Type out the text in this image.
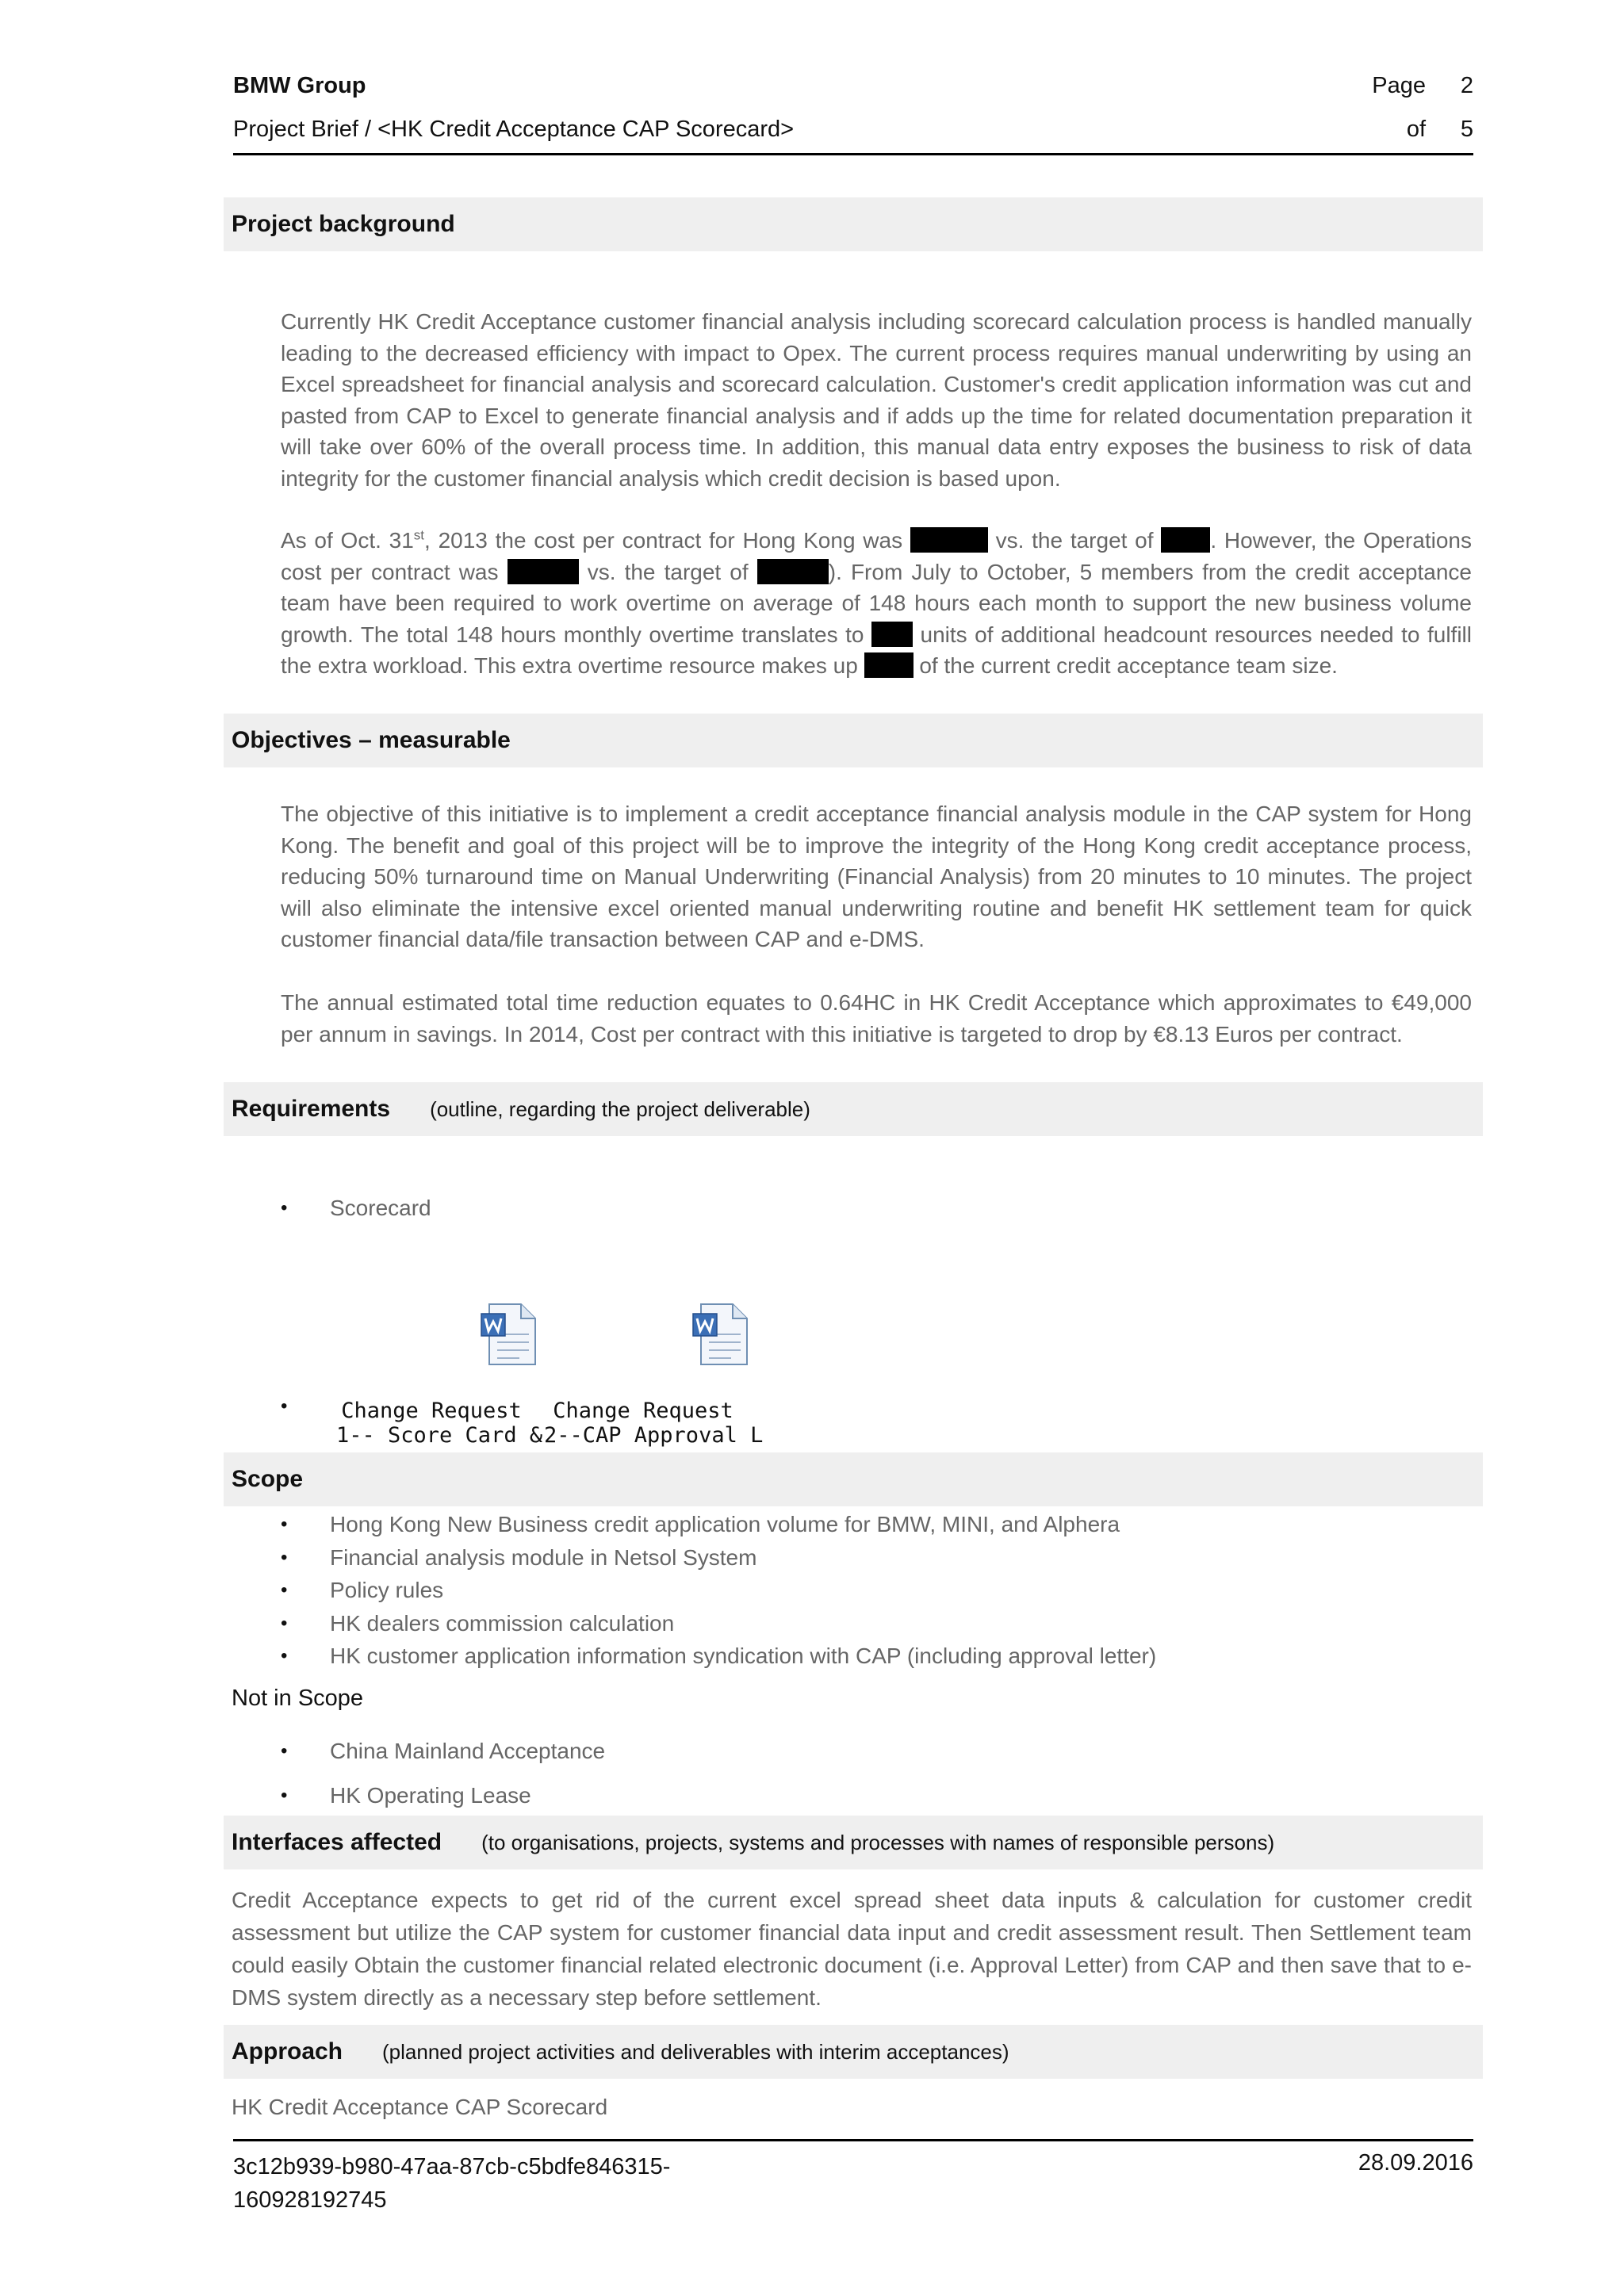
BMW Group	Page 2
Project Brief / <HK Credit Acceptance CAP Scorecard>	of 5
Project background
Currently HK Credit Acceptance customer financial analysis including scorecard calculation process is handled manually leading to the decreased efficiency with impact to Opex. The current process requires manual underwriting by using an Excel spreadsheet for financial analysis and scorecard calculation. Customer's credit application information was cut and pasted from CAP to Excel to generate financial analysis and if adds up the time for related documentation preparation it will take over 60% of the overall process time. In addition, this manual data entry exposes the business to risk of data integrity for the customer financial analysis which credit decision is based upon.
As of Oct. 31st, 2013 the cost per contract for Hong Kong was	vs. the target of . However, the Operations cost per contract was	vs. the target of	). From July to October, 5 members from the credit acceptance team have been required to work overtime on average of 148 hours each month to support the new business volume growth. The total 148 hours monthly overtime translates to  units of additional headcount resources needed to fulfill the extra workload. This extra overtime resource makes up  of the current credit acceptance team size.
Objectives – measurable
The objective of this initiative is to implement a credit acceptance financial analysis module in the CAP system for Hong Kong. The benefit and goal of this project will be to improve the integrity of the Hong Kong credit acceptance process, reducing 50% turnaround time on Manual Underwriting (Financial Analysis) from 20 minutes to 10 minutes. The project will also eliminate the intensive excel oriented manual underwriting routine and benefit HK settlement team for quick customer financial data/file transaction between CAP and e-DMS.
The annual estimated total time reduction equates to 0.64HC in HK Credit Acceptance which approximates to €49,000 per annum in savings. In 2014, Cost per contract with this initiative is targeted to drop by €8.13 Euros per contract.
Requirements (outline, regarding the project deliverable)
• Scorecard

Change Request
1-- Score Card &

Change Request
2--CAP Approval L

•
Scope
• Hong Kong New Business credit application volume for BMW, MINI, and Alphera
• Financial analysis module in Netsol System
• Policy rules
• HK dealers commission calculation
• HK customer application information syndication with CAP (including approval letter)
Not in Scope
• China Mainland Acceptance
• HK Operating Lease
Interfaces affected (to organisations, projects, systems and processes with names of responsible persons)
Credit Acceptance expects to get rid of the current excel spread sheet data inputs & calculation for customer credit assessment but utilize the CAP system for customer financial data input and credit assessment result. Then Settlement team could easily Obtain the customer financial related electronic document (i.e. Approval Letter) from CAP and then save that to e-DMS system directly as a necessary step before settlement.
Approach (planned project activities and deliverables with interim acceptances)
HK Credit Acceptance CAP Scorecard
3c12b939-b980-47aa-87cb-c5bdfe846315-
160928192745
28.09.2016
